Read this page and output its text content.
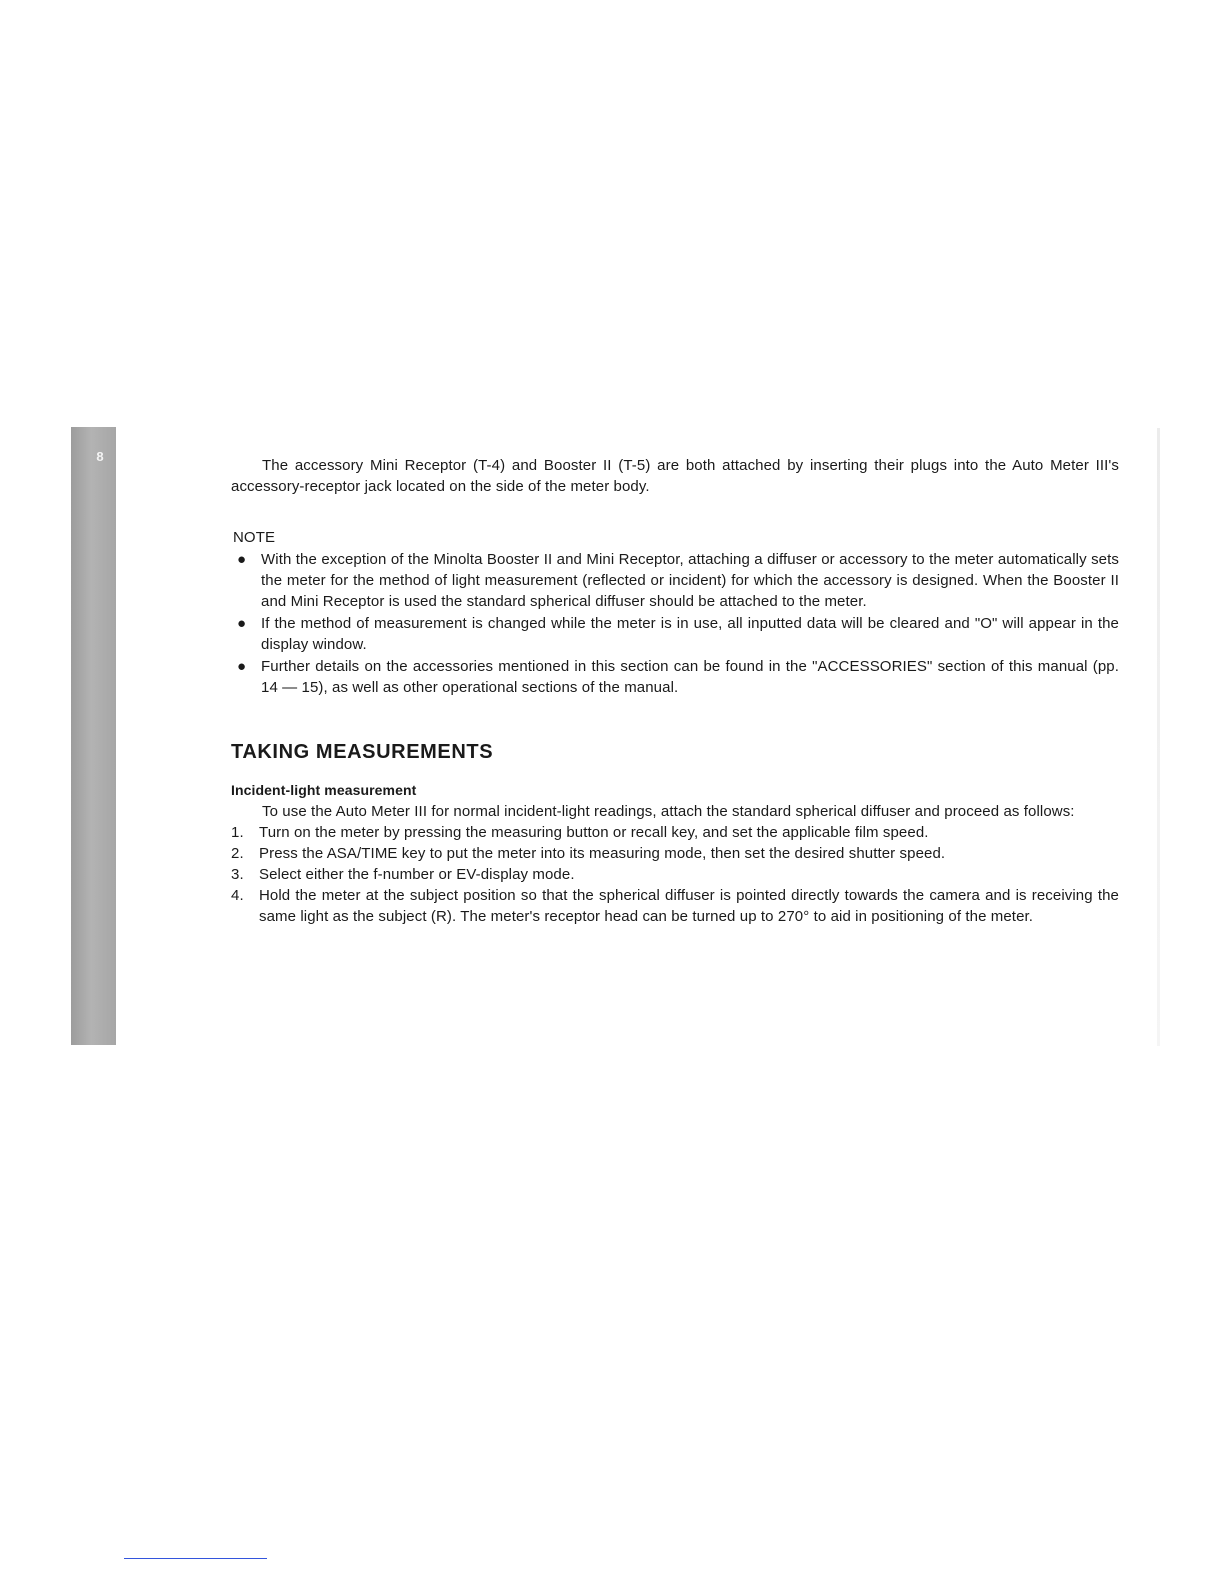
8

The accessory Mini Receptor (T-4) and Booster II (T-5) are both attached by inserting their plugs into the Auto Meter III's accessory-receptor jack located on the side of the meter body.

NOTE
● With the exception of the Minolta Booster II and Mini Receptor, attaching a diffuser or accessory to the meter automatically sets the meter for the method of light measurement (reflected or incident) for which the accessory is designed. When the Booster II and Mini Receptor is used the standard spherical diffuser should be attached to the meter.
● If the method of measurement is changed while the meter is in use, all inputted data will be cleared and "O" will appear in the display window.
● Further details on the accessories mentioned in this section can be found in the "ACCESSORIES" section of this manual (pp. 14 — 15), as well as other operational sections of the manual.
TAKING MEASUREMENTS
Incident-light measurement

To use the Auto Meter III for normal incident-light readings, attach the standard spherical diffuser and proceed as follows:

1. Turn on the meter by pressing the measuring button or recall key, and set the applicable film speed.
2. Press the ASA/TIME key to put the meter into its measuring mode, then set the desired shutter speed.
3. Select either the f-number or EV-display mode.
4. Hold the meter at the subject position so that the spherical diffuser is pointed directly towards the camera and is receiving the same light as the subject (R). The meter's receptor head can be turned up to 270° to aid in positioning of the meter.
